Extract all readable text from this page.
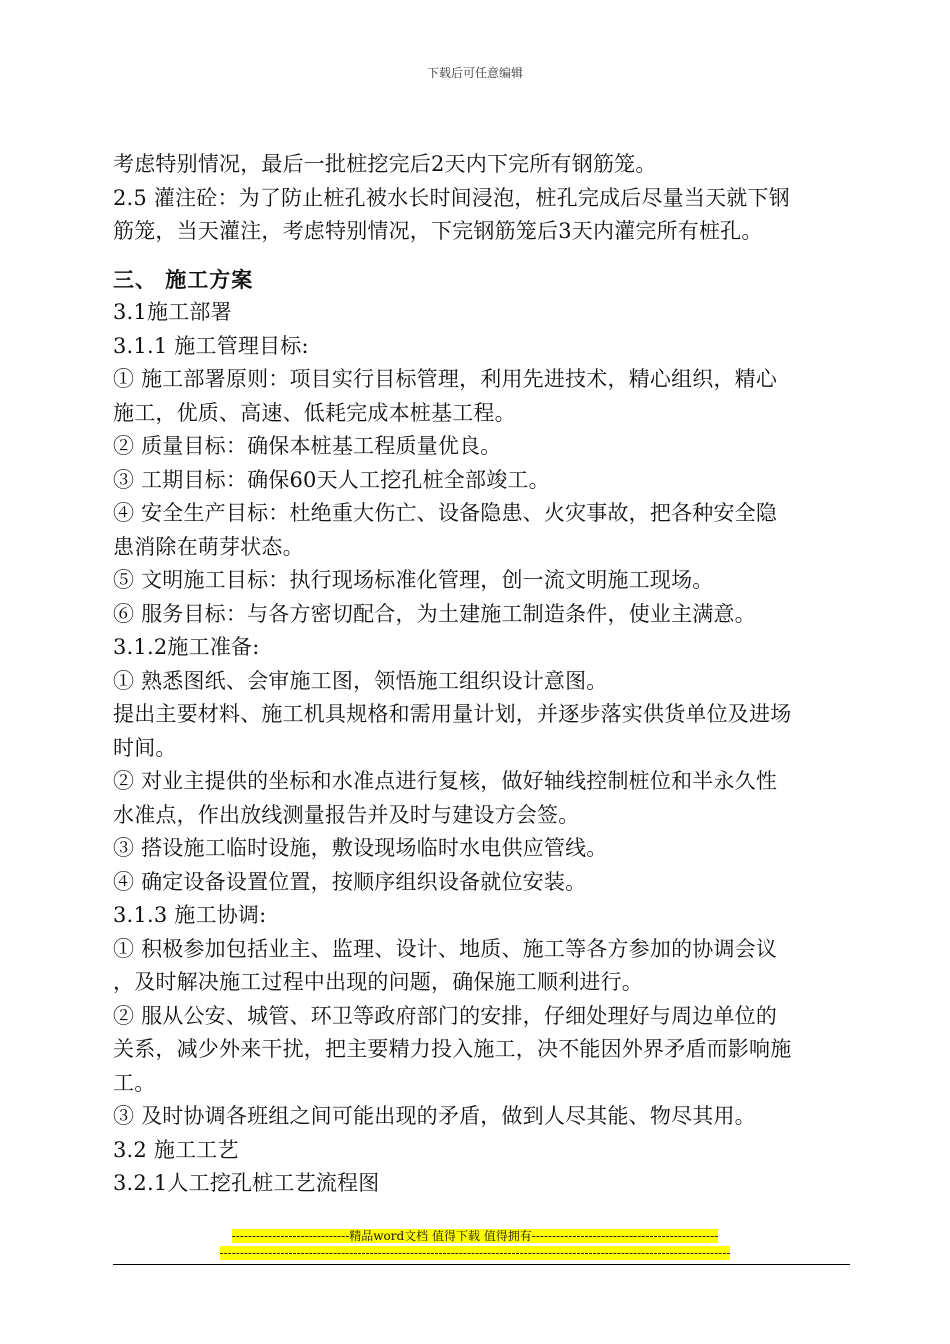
下载后可任意编辑
考虑特别情况，最后一批桩挖完后2天内下完所有钢筋笼。
2.5 灌注砼：为了防止桩孔被水长时间浸泡，桩孔完成后尽量当天就下钢
筋笼，当天灌注，考虑特别情况，下完钢筋笼后3天内灌完所有桩孔。
三、 施工方案
3.1施工部署
3.1.1 施工管理目标:
① 施工部署原则：项目实行目标管理，利用先进技术，精心组织，精心
施工，优质、高速、低耗完成本桩基工程。
② 质量目标：确保本桩基工程质量优良。
③ 工期目标：确保60天人工挖孔桩全部竣工。
④ 安全生产目标：杜绝重大伤亡、设备隐患、火灾事故，把各种安全隐
患消除在萌芽状态。
⑤ 文明施工目标：执行现场标准化管理，创一流文明施工现场。
⑥ 服务目标：与各方密切配合，为土建施工制造条件，使业主满意。
3.1.2施工准备:
① 熟悉图纸、会审施工图，领悟施工组织设计意图。
提出主要材料、施工机具规格和需用量计划，并逐步落实供货单位及进场
时间。
② 对业主提供的坐标和水准点进行复核，做好轴线控制桩位和半永久性
水准点，作出放线测量报告并及时与建设方会签。
③ 搭设施工临时设施，敷设现场临时水电供应管线。
④ 确定设备设置位置，按顺序组织设备就位安装。
3.1.3 施工协调:
① 积极参加包括业主、监理、设计、地质、施工等各方参加的协调会议
，及时解决施工过程中出现的问题，确保施工顺利进行。
② 服从公安、城管、环卫等政府部门的安排，仔细处理好与周边单位的
关系，减少外来干扰，把主要精力投入施工，决不能因外界矛盾而影响施
工。
③ 及时协调各班组之间可能出现的矛盾，做到人尽其能、物尽其用。
3.2 施工工艺
3.2.1人工挖孔桩工艺流程图
-----------------------------精品word文档 值得下载 值得拥有----------------------------------------------
------------------------------------------------------------------------------------------------------------------------------
